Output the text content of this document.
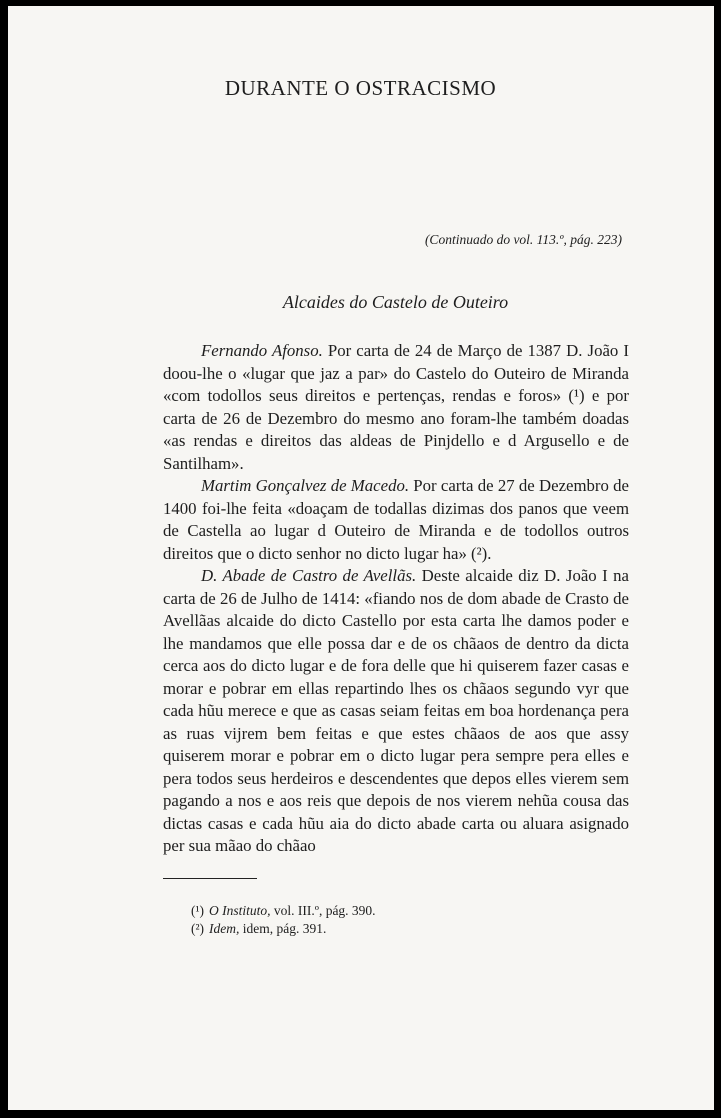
DURANTE O OSTRACISMO
(Continuado do vol. 113.º, pág. 223)
Alcaides do Castelo de Outeiro

Fernando Afonso. Por carta de 24 de Março de 1387 D. João I doou-lhe o «lugar que jaz a par» do Castelo do Outeiro de Miranda «com todollos seus direitos e pertenças, rendas e foros» (¹) e por carta de 26 de Dezembro do mesmo ano foram-lhe também doadas «as rendas e direitos das aldeas de Pinjdello e d Argusello e de Santilham».

Martim Gonçalvez de Macedo. Por carta de 27 de Dezembro de 1400 foi-lhe feita «doaçam de todallas dizimas dos panos que veem de Castella ao lugar d Outeiro de Miranda e de todollos outros direitos que o dicto senhor no dicto lugar ha» (²).

D. Abade de Castro de Avellãs. Deste alcaide diz D. João I na carta de 26 de Julho de 1414: «fiando nos de dom abade de Crasto de Avellãas alcaide do dicto Castello por esta carta lhe damos poder e lhe mandamos que elle possa dar e de os chãaos de dentro da dicta cerca aos do dicto lugar e de fora delle que hi quiserem fazer casas e morar e pobrar em ellas repartindo lhes os chãaos segundo vyr que cada hũu merece e que as casas seiam feitas em boa hordenança pera as ruas vijrem bem feitas e que estes chãaos de aos que assy quiserem morar e pobrar em o dicto lugar pera sempre pera elles e pera todos seus herdeiros e descendentes que depos elles vierem sem pagando a nos e aos reis que depois de nos vierem nehũa cousa das dictas casas e cada hũu aia do dicto abade carta ou aluara asignado per sua mãao do chãao

(¹) O Instituto, vol. III.º, pág. 390.
(²) Idem, idem, pág. 391.
